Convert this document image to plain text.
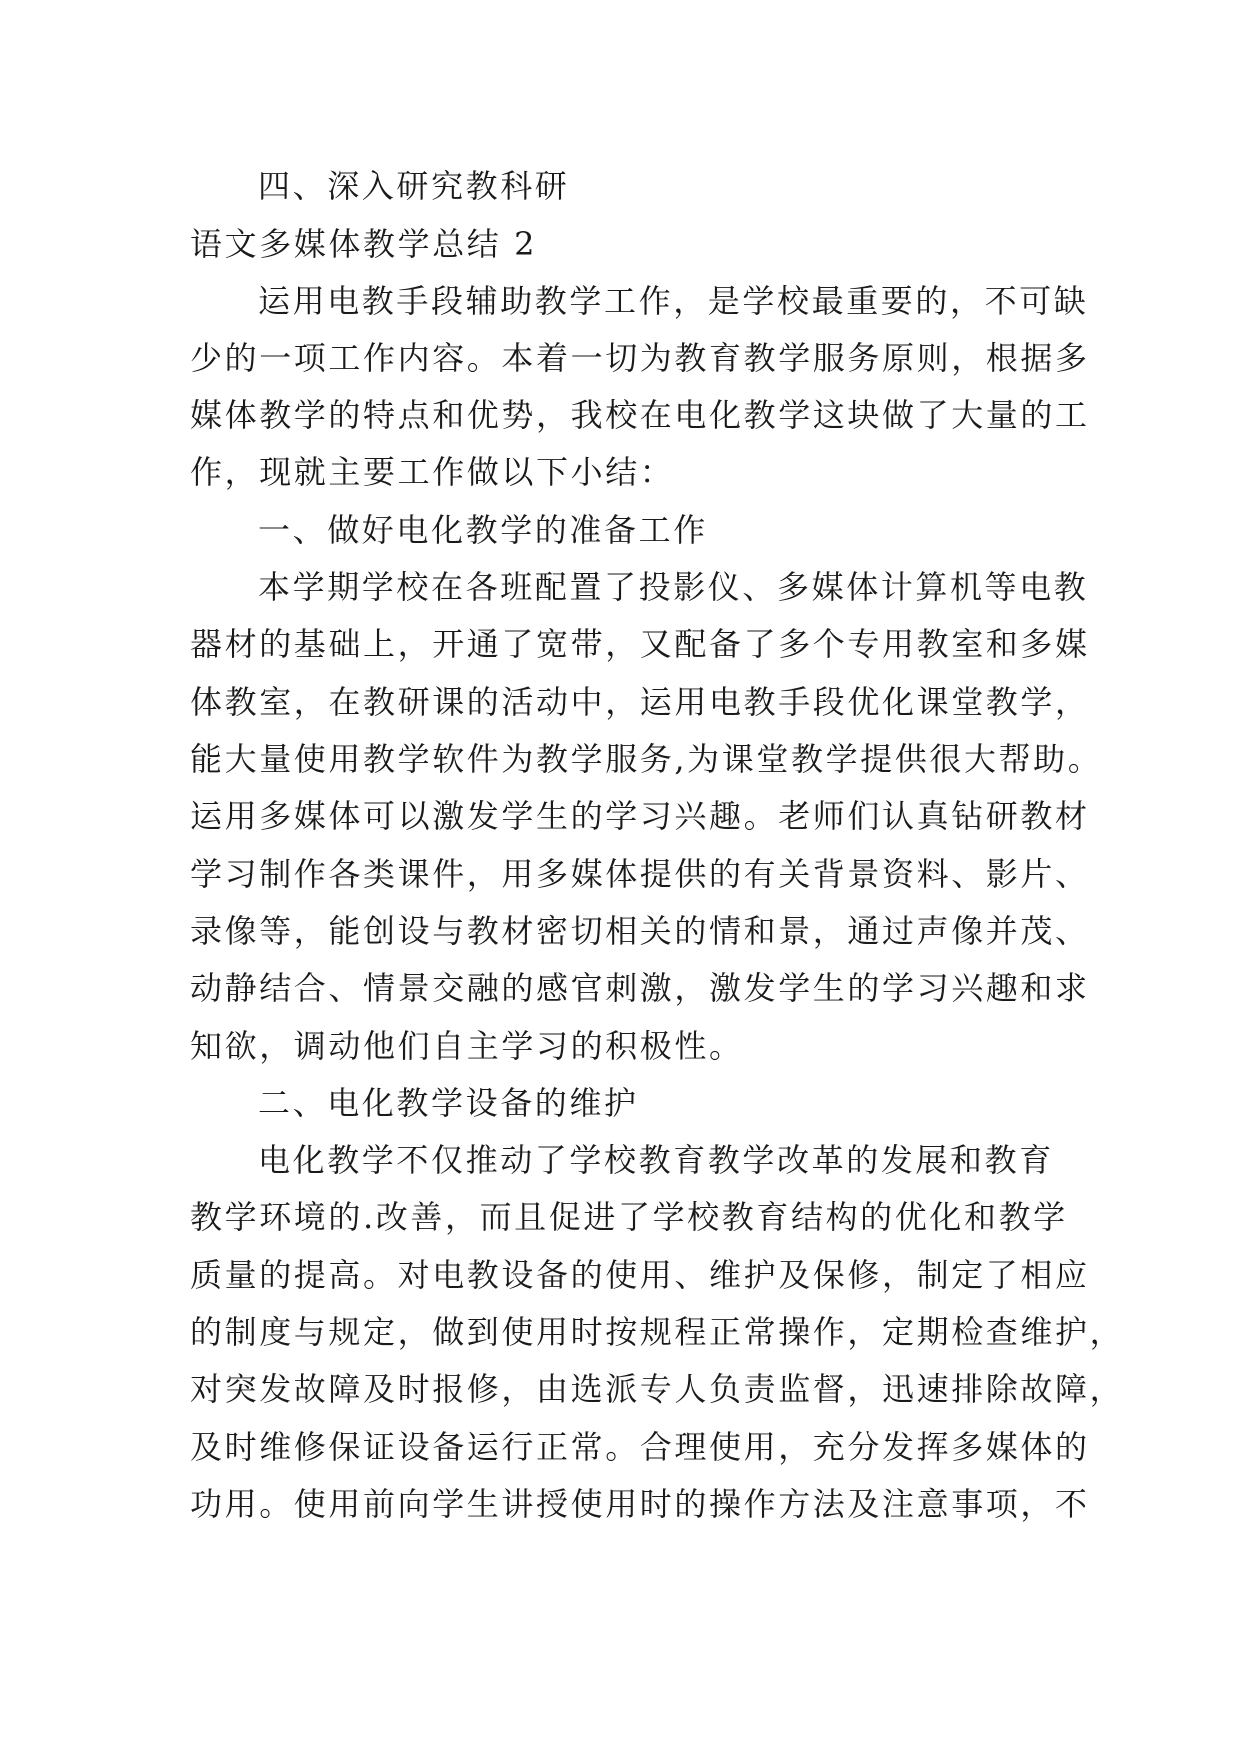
四、深入研究教科研
语文多媒体教学总结 2
运用电教手段辅助教学工作，是学校最重要的，不可缺
少的一项工作内容。本着一切为教育教学服务原则，根据多
媒体教学的特点和优势，我校在电化教学这块做了大量的工
作，现就主要工作做以下小结：
一、做好电化教学的准备工作
本学期学校在各班配置了投影仪、多媒体计算机等电教
器材的基础上，开通了宽带，又配备了多个专用教室和多媒
体教室，在教研课的活动中，运用电教手段优化课堂教学，
能大量使用教学软件为教学服务,为课堂教学提供很大帮助。
运用多媒体可以激发学生的学习兴趣。老师们认真钻研教材
学习制作各类课件，用多媒体提供的有关背景资料、影片、
录像等，能创设与教材密切相关的情和景，通过声像并茂、
动静结合、情景交融的感官刺激，激发学生的学习兴趣和求
知欲，调动他们自主学习的积极性。
二、电化教学设备的维护
电化教学不仅推动了学校教育教学改革的发展和教育
教学环境的.改善，而且促进了学校教育结构的优化和教学
质量的提高。对电教设备的使用、维护及保修，制定了相应
的制度与规定，做到使用时按规程正常操作，定期检查维护，
对突发故障及时报修，由选派专人负责监督，迅速排除故障，
及时维修保证设备运行正常。合理使用，充分发挥多媒体的
功用。使用前向学生讲授使用时的操作方法及注意事项，不
